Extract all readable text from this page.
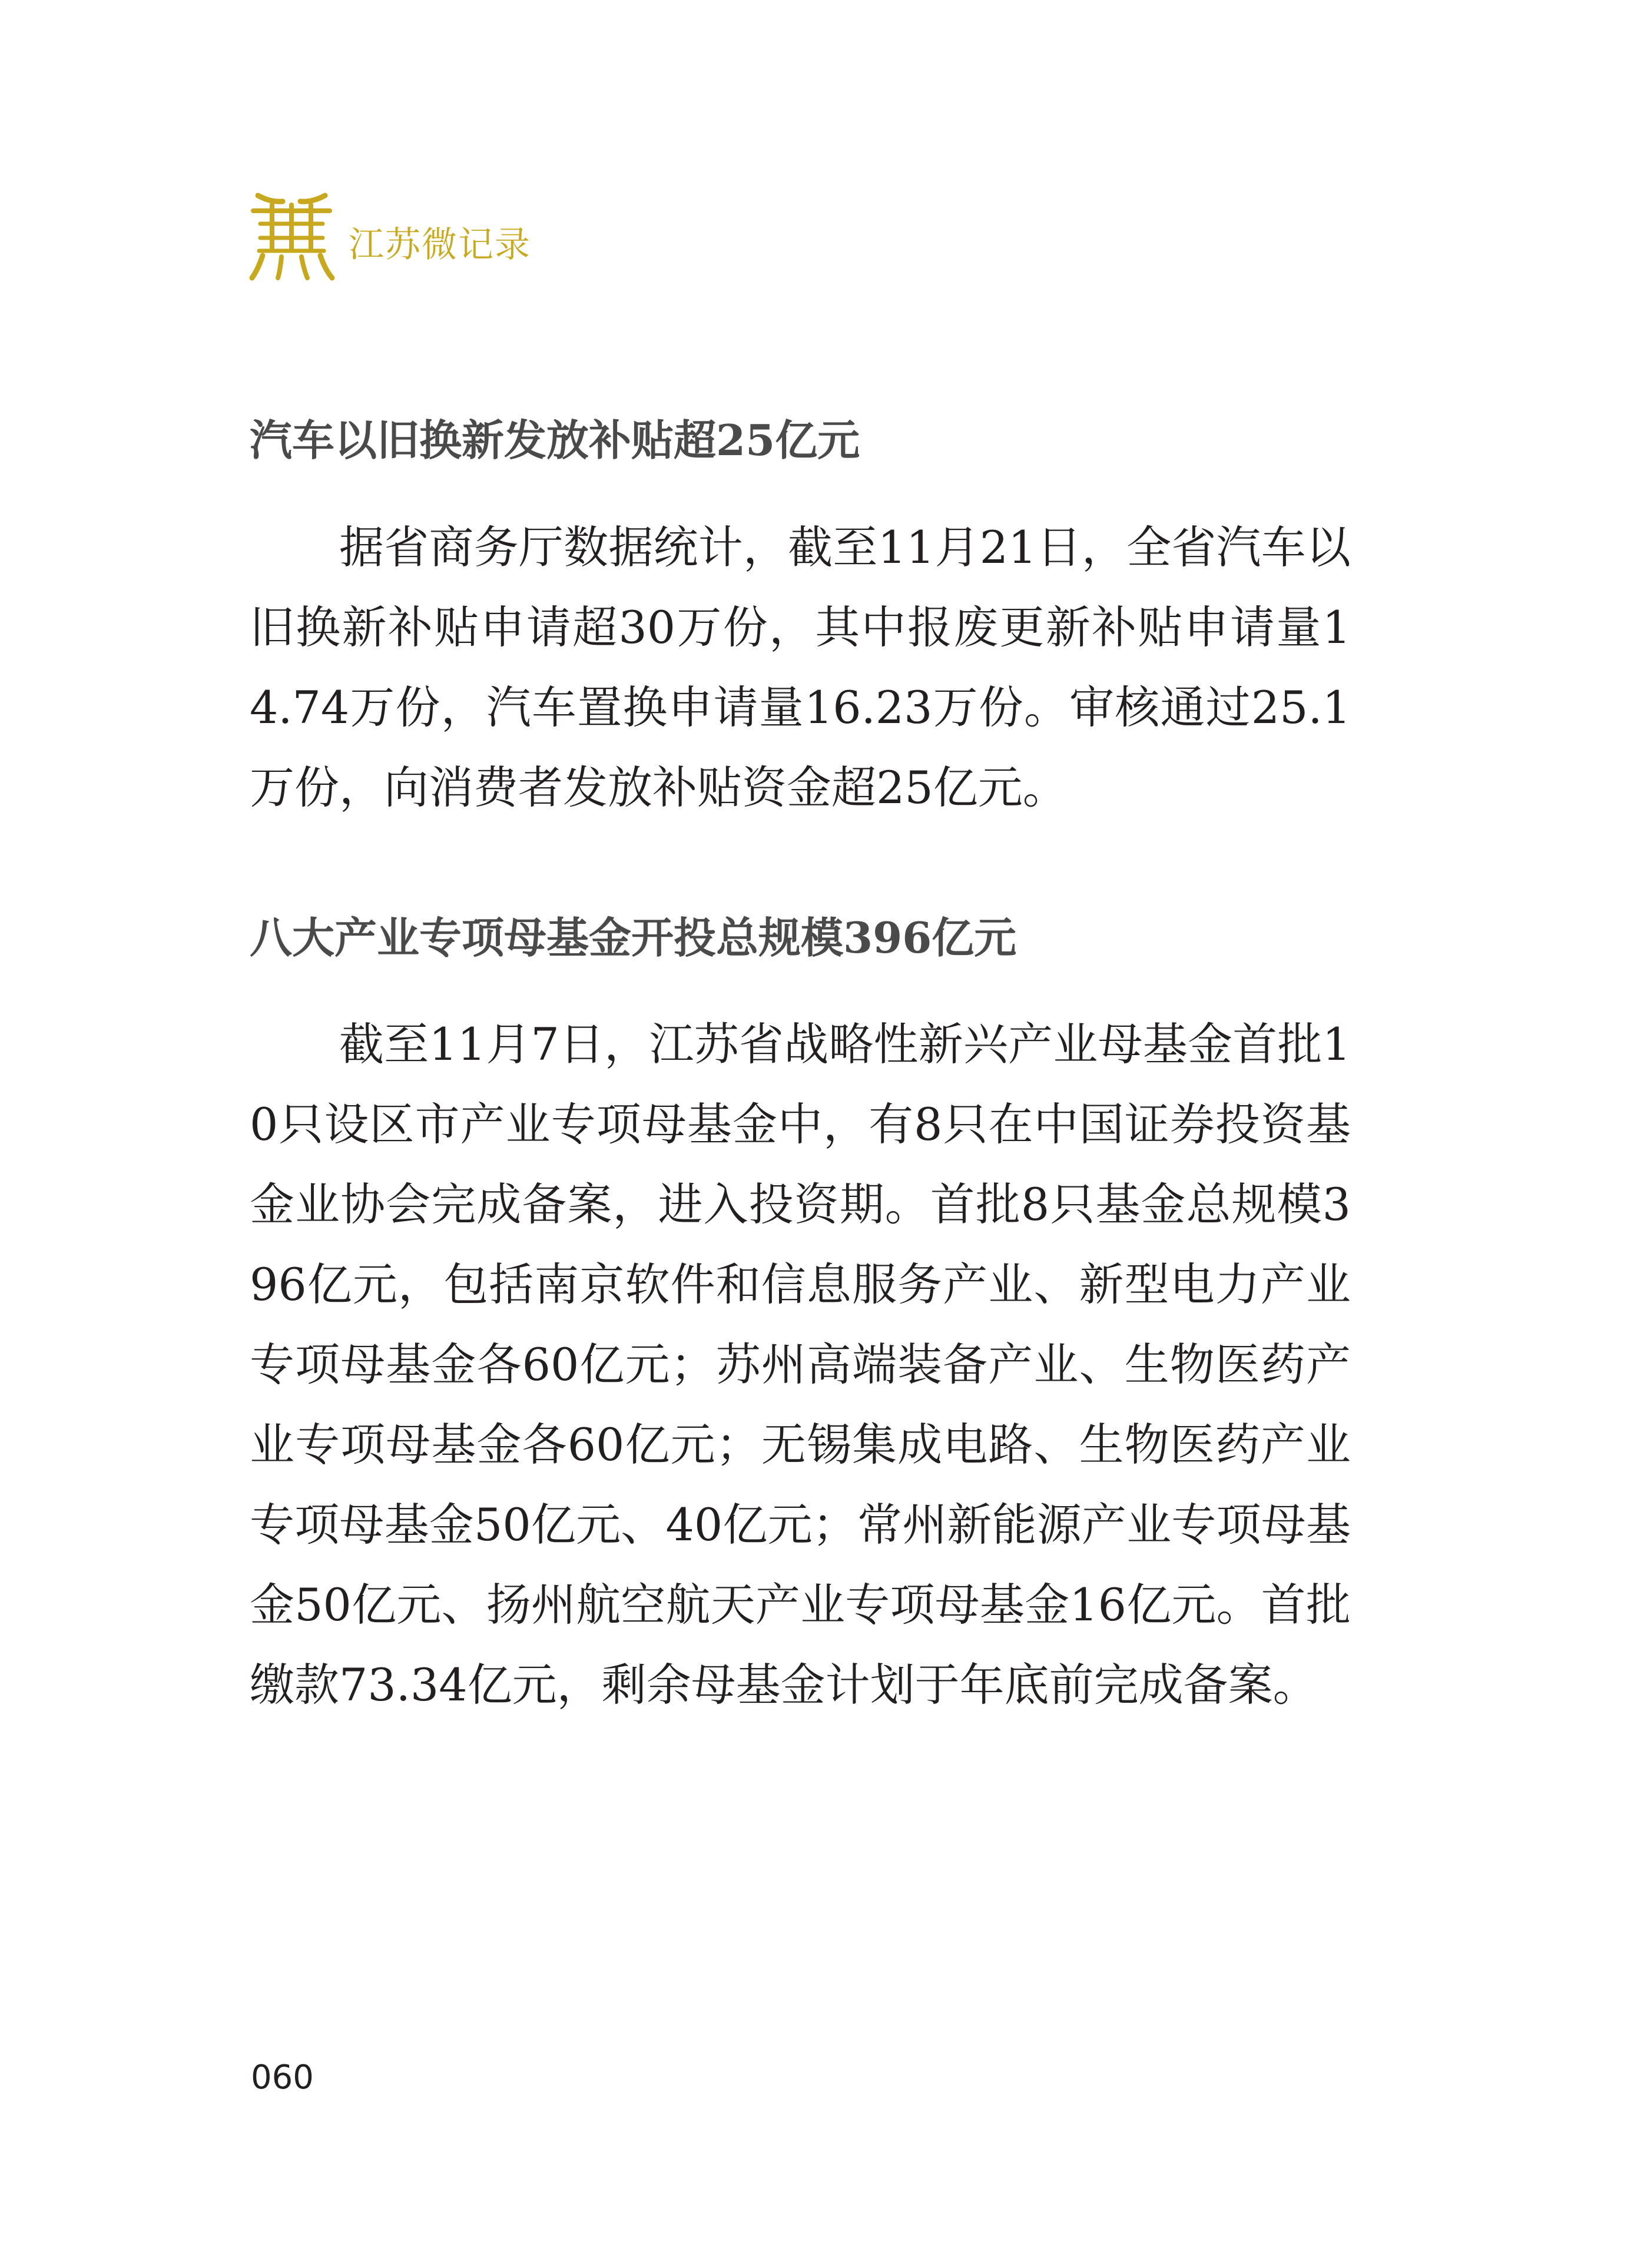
江苏微记录
汽车以旧换新发放补贴超25亿元

据省商务厅数据统计，截至11月21日，全省汽车以旧换新补贴申请超30万份，其中报废更新补贴申请量14.74万份，汽车置换申请量16.23万份。审核通过25.1万份，向消费者发放补贴资金超25亿元。

八大产业专项母基金开投总规模396亿元

截至11月7日，江苏省战略性新兴产业母基金首批10只设区市产业专项母基金中，有8只在中国证券投资基金业协会完成备案，进入投资期。首批8只基金总规模396亿元，包括南京软件和信息服务产业、新型电力产业专项母基金各60亿元；苏州高端装备产业、生物医药产业专项母基金各60亿元；无锡集成电路、生物医药产业专项母基金50亿元、40亿元；常州新能源产业专项母基金50亿元、扬州航空航天产业专项母基金16亿元。首批缴款73.34亿元，剩余母基金计划于年底前完成备案。

060
